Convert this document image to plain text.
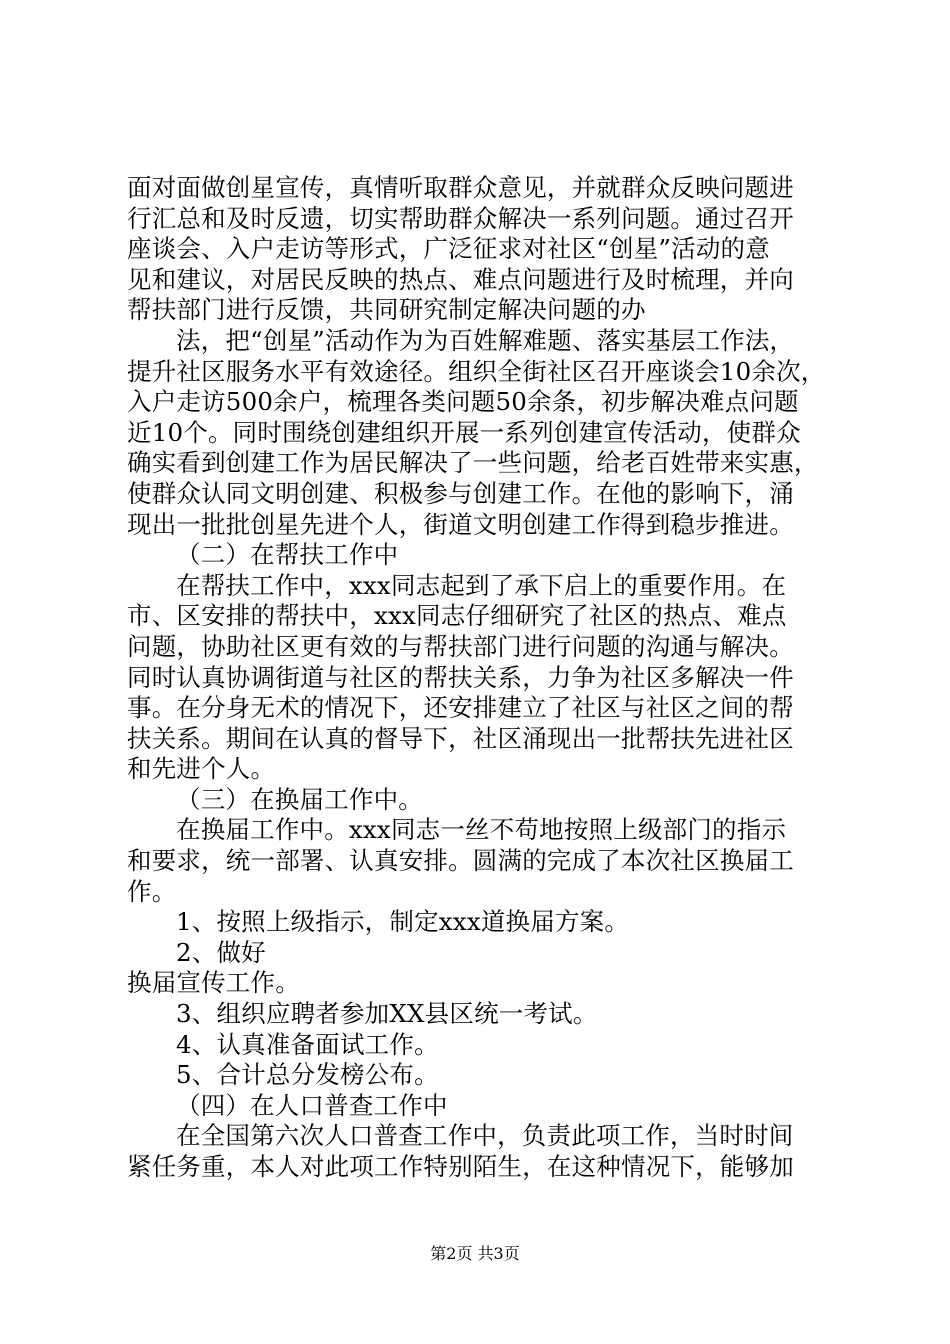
面对面做创星宣传，真情听取群众意见，并就群众反映问题进
行汇总和及时反遗，切实帮助群众解决一系列问题。通过召开
座谈会、入户走访等形式，广泛征求对社区“创星”活动的意
见和建议，对居民反映的热点、难点问题进行及时梳理，并向
帮扶部门进行反馈，共同研究制定解决问题的办
法，把“创星”活动作为为百姓解难题、落实基层工作法，
提升社区服务水平有效途径。组织全街社区召开座谈会10余次，
入户走访500余户，梳理各类问题50余条，初步解决难点问题
近10个。同时围绕创建组织开展一系列创建宣传活动，使群众
确实看到创建工作为居民解决了一些问题，给老百姓带来实惠，
使群众认同文明创建、积极参与创建工作。在他的影响下，涌
现出一批批创星先进个人，街道文明创建工作得到稳步推进。
（二）在帮扶工作中
在帮扶工作中，xxx同志起到了承下启上的重要作用。在
市、区安排的帮扶中，xxx同志仔细研究了社区的热点、难点
问题，协助社区更有效的与帮扶部门进行问题的沟通与解决。
同时认真协调街道与社区的帮扶关系，力争为社区多解决一件
事。在分身无术的情况下，还安排建立了社区与社区之间的帮
扶关系。期间在认真的督导下，社区涌现出一批帮扶先进社区
和先进个人。
（三）在换届工作中。
在换届工作中。xxx同志一丝不苟地按照上级部门的指示
和要求，统一部署、认真安排。圆满的完成了本次社区换届工
作。
1、按照上级指示，制定xxx道换届方案。
2、做好
换届宣传工作。
3、组织应聘者参加XX县区统一考试。
4、认真准备面试工作。
5、合计总分发榜公布。
（四）在人口普查工作中
在全国第六次人口普查工作中，负责此项工作，当时时间
紧任务重，本人对此项工作特别陌生，在这种情况下，能够加
第2页 共3页
